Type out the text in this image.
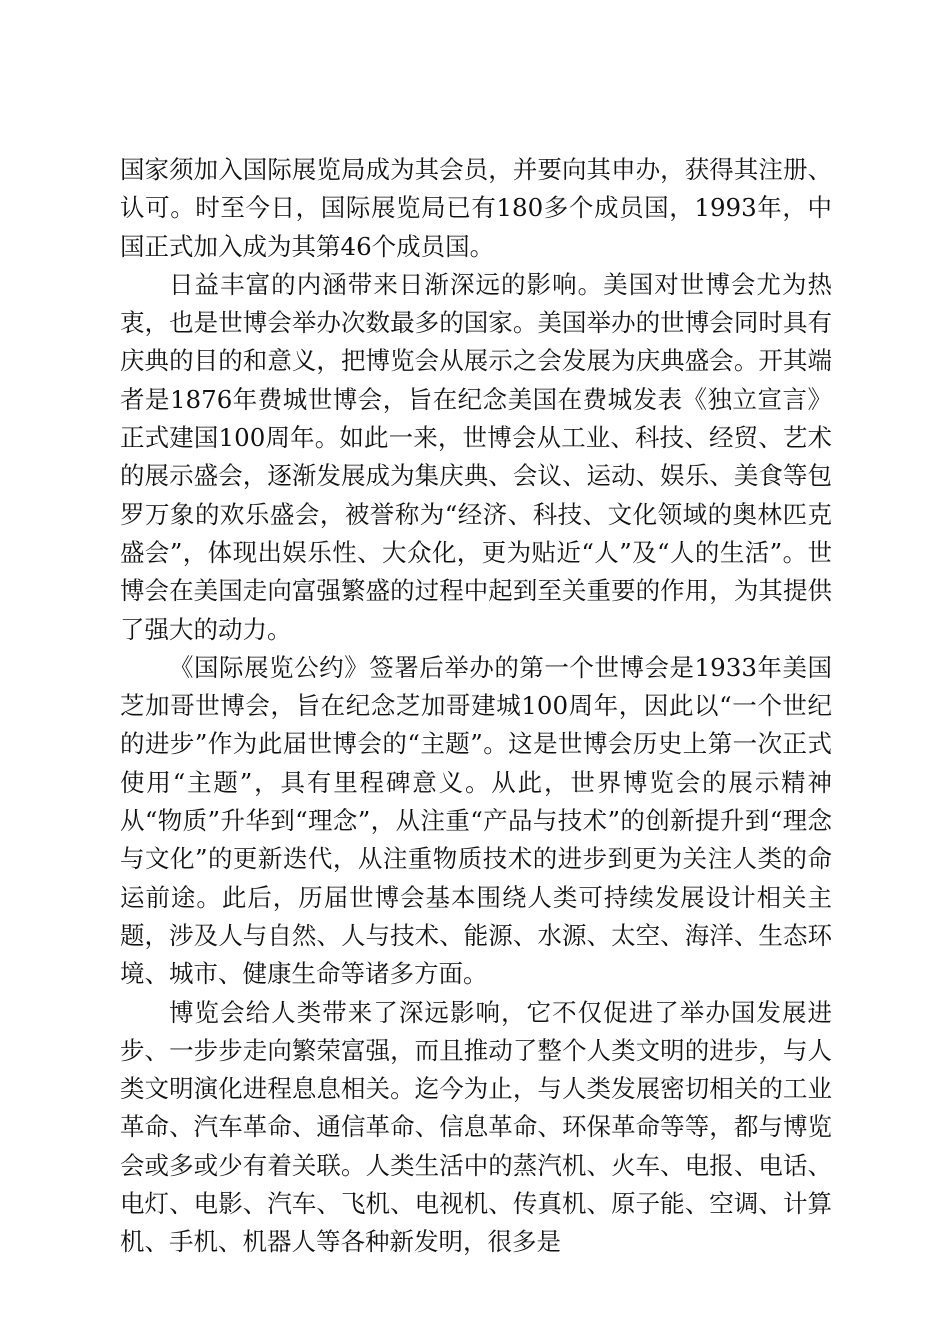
国家须加入国际展览局成为其会员，并要向其申办，获得其注册、认可。时至今日，国际展览局已有180多个成员国，1993年，中国正式加入成为其第46个成员国。

日益丰富的内涵带来日渐深远的影响。美国对世博会尤为热衷，也是世博会举办次数最多的国家。美国举办的世博会同时具有庆典的目的和意义，把博览会从展示之会发展为庆典盛会。开其端者是1876年费城世博会，旨在纪念美国在费城发表《独立宣言》正式建国100周年。如此一来，世博会从工业、科技、经贸、艺术的展示盛会，逐渐发展成为集庆典、会议、运动、娱乐、美食等包罗万象的欢乐盛会，被誉称为“经济、科技、文化领域的奥林匹克盛会”，体现出娱乐性、大众化，更为贴近“人”及“人的生活”。世博会在美国走向富强繁盛的过程中起到至关重要的作用，为其提供了强大的动力。

《国际展览公约》签署后举办的第一个世博会是1933年美国芝加哥世博会，旨在纪念芝加哥建城100周年，因此以“一个世纪的进步”作为此届世博会的“主题”。这是世博会历史上第一次正式使用“主题”，具有里程碑意义。从此，世界博览会的展示精神从“物质”升华到“理念”，从注重“产品与技术”的创新提升到“理念与文化”的更新迭代，从注重物质技术的进步到更为关注人类的命运前途。此后，历届世博会基本围绕人类可持续发展设计相关主题，涉及人与自然、人与技术、能源、水源、太空、海洋、生态环境、城市、健康生命等诸多方面。

博览会给人类带来了深远影响，它不仅促进了举办国发展进步、一步步走向繁荣富强，而且推动了整个人类文明的进步，与人类文明演化进程息息相关。迄今为止，与人类发展密切相关的工业革命、汽车革命、通信革命、信息革命、环保革命等等，都与博览会或多或少有着关联。人类生活中的蒸汽机、火车、电报、电话、电灯、电影、汽车、飞机、电视机、传真机、原子能、空调、计算机、手机、机器人等各种新发明，很多是
